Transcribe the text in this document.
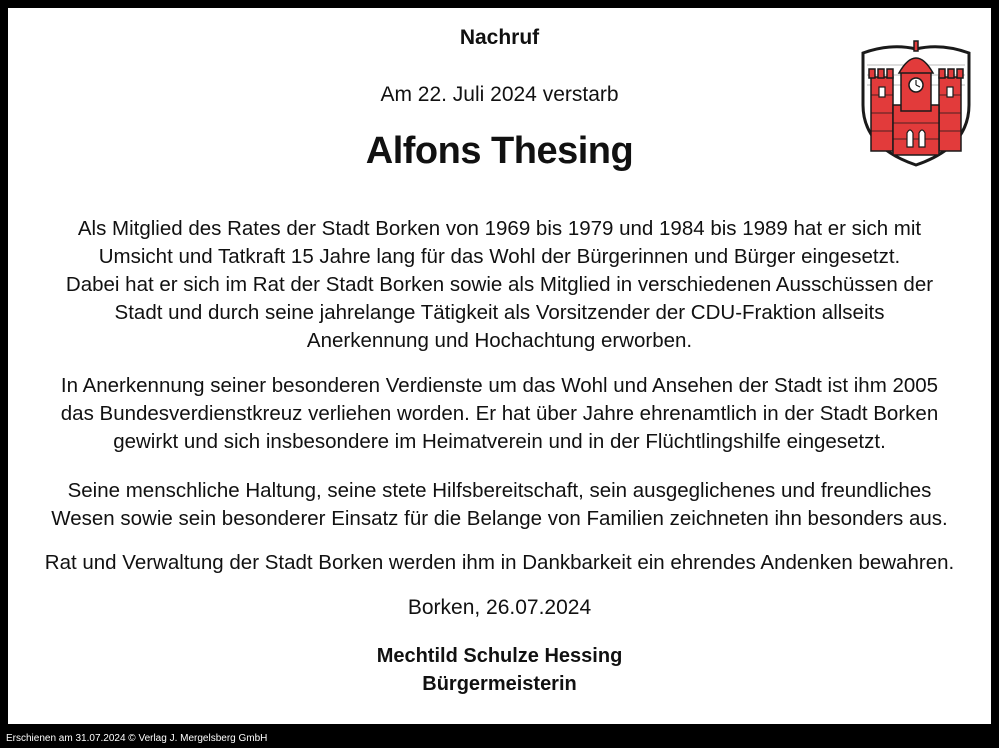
Nachruf
Am 22. Juli 2024 verstarb
Alfons Thesing
Als Mitglied des Rates der Stadt Borken von 1969 bis 1979 und 1984 bis 1989 hat er sich mit
Umsicht und Tatkraft 15 Jahre lang für das Wohl der Bürgerinnen und Bürger eingesetzt.
Dabei hat er sich im Rat der Stadt Borken sowie als Mitglied in verschiedenen Ausschüssen der
Stadt und durch seine jahrelange Tätigkeit als Vorsitzender der CDU-Fraktion allseits
Anerkennung und Hochachtung erworben.
In Anerkennung seiner besonderen Verdienste um das Wohl und Ansehen der Stadt ist ihm 2005
das Bundesverdienstkreuz verliehen worden. Er hat über Jahre ehrenamtlich in der Stadt Borken
gewirkt und sich insbesondere im Heimatverein und in der Flüchtlingshilfe eingesetzt.
Seine menschliche Haltung, seine stete Hilfsbereitschaft, sein ausgeglichenes und freundliches
Wesen sowie sein besonderer Einsatz für die Belange von Familien zeichneten ihn besonders aus.
Rat und Verwaltung der Stadt Borken werden ihm in Dankbarkeit ein ehrendes Andenken bewahren.
Borken, 26.07.2024
Mechtild Schulze Hessing
Bürgermeisterin
Erschienen am 31.07.2024 © Verlag J. Mergelsberg GmbH
